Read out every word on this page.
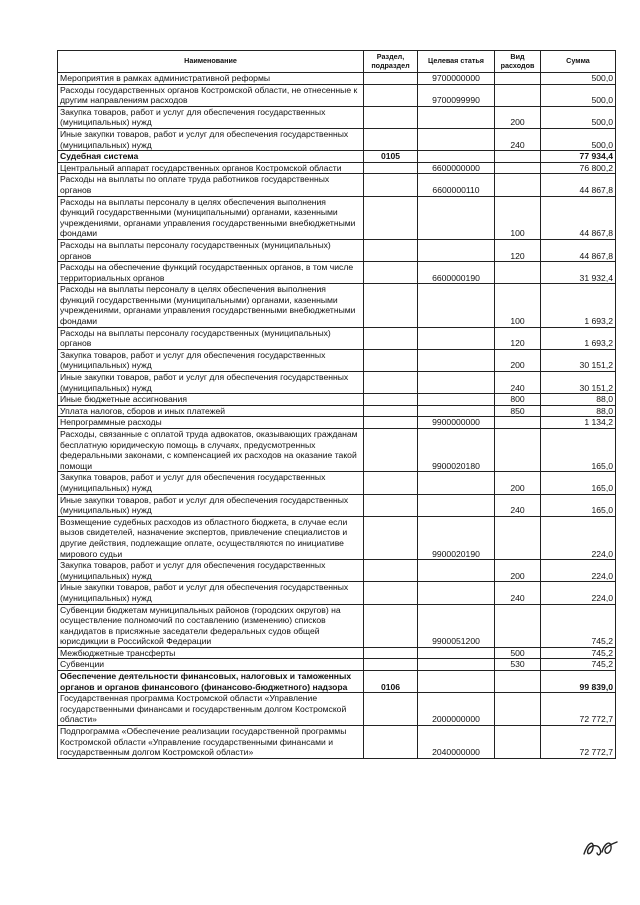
Наименование	Раздел, подраздел	Целевая статья	Вид расходов	Сумма
Мероприятия в рамках административной реформы		9700000000		500,0
Расходы государственных органов Костромской области, не отнесенные к другим направлениям расходов		9700099990		500,0
Закупка товаров, работ и услуг для обеспечения государственных (муниципальных) нужд			200	500,0
Иные закупки товаров, работ и услуг для обеспечения государственных (муниципальных) нужд			240	500,0
Судебная система	0105			77 934,4
Центральный аппарат государственных органов Костромской области		6600000000		76 800,2
Расходы на выплаты по оплате труда работников государственных органов		6600000110		44 867,8
Расходы на выплаты персоналу в целях обеспечения выполнения функций государственными (муниципальными) органами, казенными учреждениями, органами управления государственными внебюджетными фондами			100	44 867,8
Расходы на выплаты персоналу государственных (муниципальных) органов			120	44 867,8
Расходы на обеспечение функций государственных органов, в том числе территориальных органов		6600000190		31 932,4
Расходы на выплаты персоналу в целях обеспечения выполнения функций государственными (муниципальными) органами, казенными учреждениями, органами управления государственными внебюджетными фондами			100	1 693,2
Расходы на выплаты персоналу государственных (муниципальных) органов			120	1 693,2
Закупка товаров, работ и услуг для обеспечения государственных (муниципальных) нужд			200	30 151,2
Иные закупки товаров, работ и услуг для обеспечения государственных (муниципальных) нужд			240	30 151,2
Иные бюджетные ассигнования			800	88,0
Уплата налогов, сборов и иных платежей			850	88,0
Непрограммные расходы		9900000000		1 134,2
Расходы, связанные с оплатой труда адвокатов, оказывающих гражданам бесплатную юридическую помощь в случаях, предусмотренных федеральными законами, с компенсацией их расходов на оказание такой помощи		9900020180		165,0
Закупка товаров, работ и услуг для обеспечения государственных (муниципальных) нужд			200	165,0
Иные закупки товаров, работ и услуг для обеспечения государственных (муниципальных) нужд			240	165,0
Возмещение судебных расходов из областного бюджета, в случае если вызов свидетелей, назначение экспертов, привлечение специалистов и другие действия, подлежащие оплате, осуществляются по инициативе мирового судьи		9900020190		224,0
Закупка товаров, работ и услуг для обеспечения государственных (муниципальных) нужд			200	224,0
Иные закупки товаров, работ и услуг для обеспечения государственных (муниципальных) нужд			240	224,0
Субвенции бюджетам муниципальных районов (городских округов) на осуществление полномочий по составлению (изменению) списков кандидатов в присяжные заседатели федеральных судов общей юрисдикции в Российской Федерации		9900051200		745,2
Межбюджетные трансферты			500	745,2
Субвенции			530	745,2
Обеспечение деятельности финансовых, налоговых и таможенных органов и органов финансового (финансово-бюджетного) надзора	0106			99 839,0
Государственная программа Костромской области «Управление государственными финансами и государственным долгом Костромской области»		2000000000		72 772,7
Подпрограмма «Обеспечение реализации государственной программы Костромской области «Управление государственными финансами и государственным долгом Костромской области»		2040000000		72 772,7
